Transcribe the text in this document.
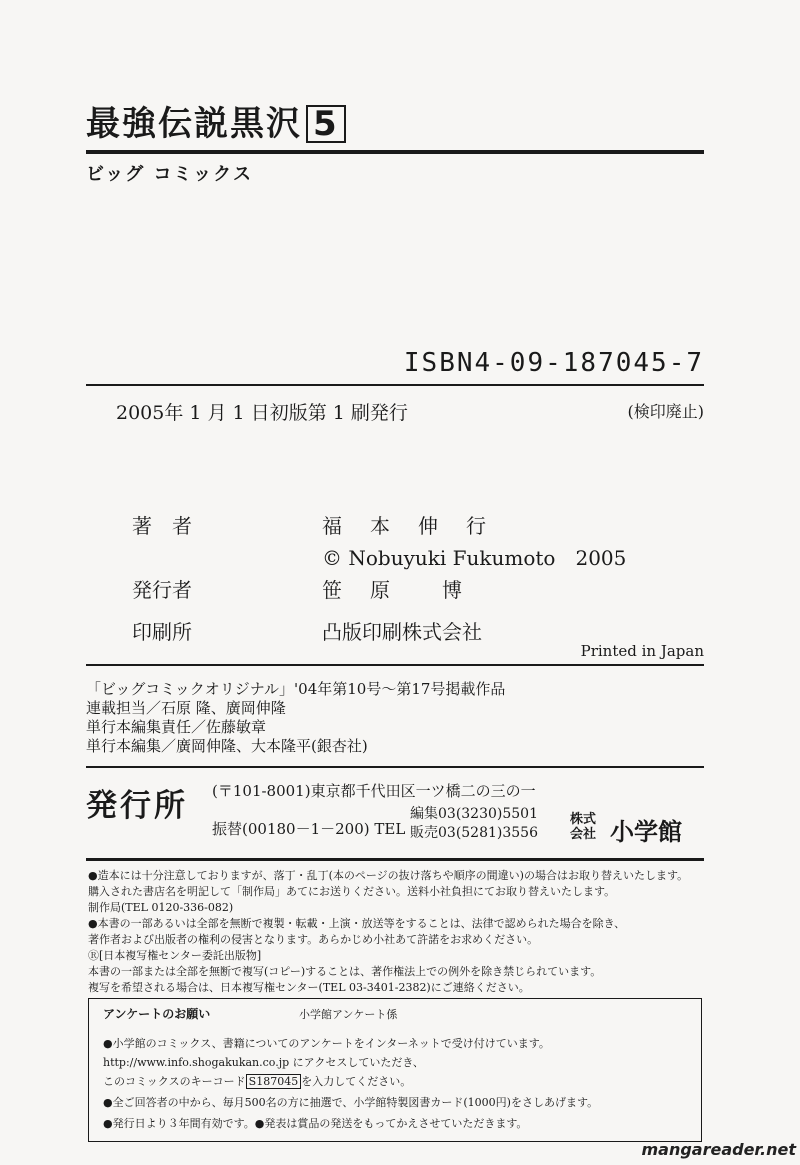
最強伝説黒沢 5
ビッグ コミックス
ISBN4-09-187045-7
2005年 1 月 1 日初版第 1 刷発行	(検印廃止)
著　者	福　本　伸　行
© Nobuyuki Fukumoto　2005
発行者	笹　原　　博
印刷所	凸版印刷株式会社
Printed in Japan
「ビッグコミックオリジナル」'04年第10号～第17号掲載作品
連載担当／石原 隆、廣岡伸隆
単行本編集責任／佐藤敏章
単行本編集／廣岡伸隆、大本隆平(銀杏社)
発行所 (〒101-8001)東京都千代田区一ツ橋二の三の一
振替(00180－1－200) TEL
編集03(3230)5501
販売03(5281)3556
株式
会社 小学館
●造本には十分注意しておりますが、落丁・乱丁(本のページの抜け落ちや順序の間違い)の場合はお取り替えいたします。
購入された書店名を明記して「制作局」あてにお送りください。送料小社負担にてお取り替えいたします。
制作局(TEL 0120-336-082)
●本書の一部あるいは全部を無断で複製・転載・上演・放送等をすることは、法律で認められた場合を除き、
著作者および出版者の権利の侵害となります。あらかじめ小社あて許諾をお求めください。
Ⓡ[日本複写権センター委託出版物]
本書の一部または全部を無断で複写(コピー)することは、著作権法上での例外を除き禁じられています。
複写を希望される場合は、日本複写権センター(TEL 03-3401-2382)にご連絡ください。
アンケートのお願い	小学館アンケート係
●小学館のコミックス、書籍についてのアンケートをインターネットで受け付けています。
http://www.info.shogakukan.co.jp にアクセスしていただき、
このコミックスのキーコード S187045 を入力してください。
●全ご回答者の中から、毎月500名の方に抽選で、小学館特製図書カード(1000円)をさしあげます。
●発行日より３年間有効です。●発表は賞品の発送をもってかえさせていただきます。
mangareader.net
